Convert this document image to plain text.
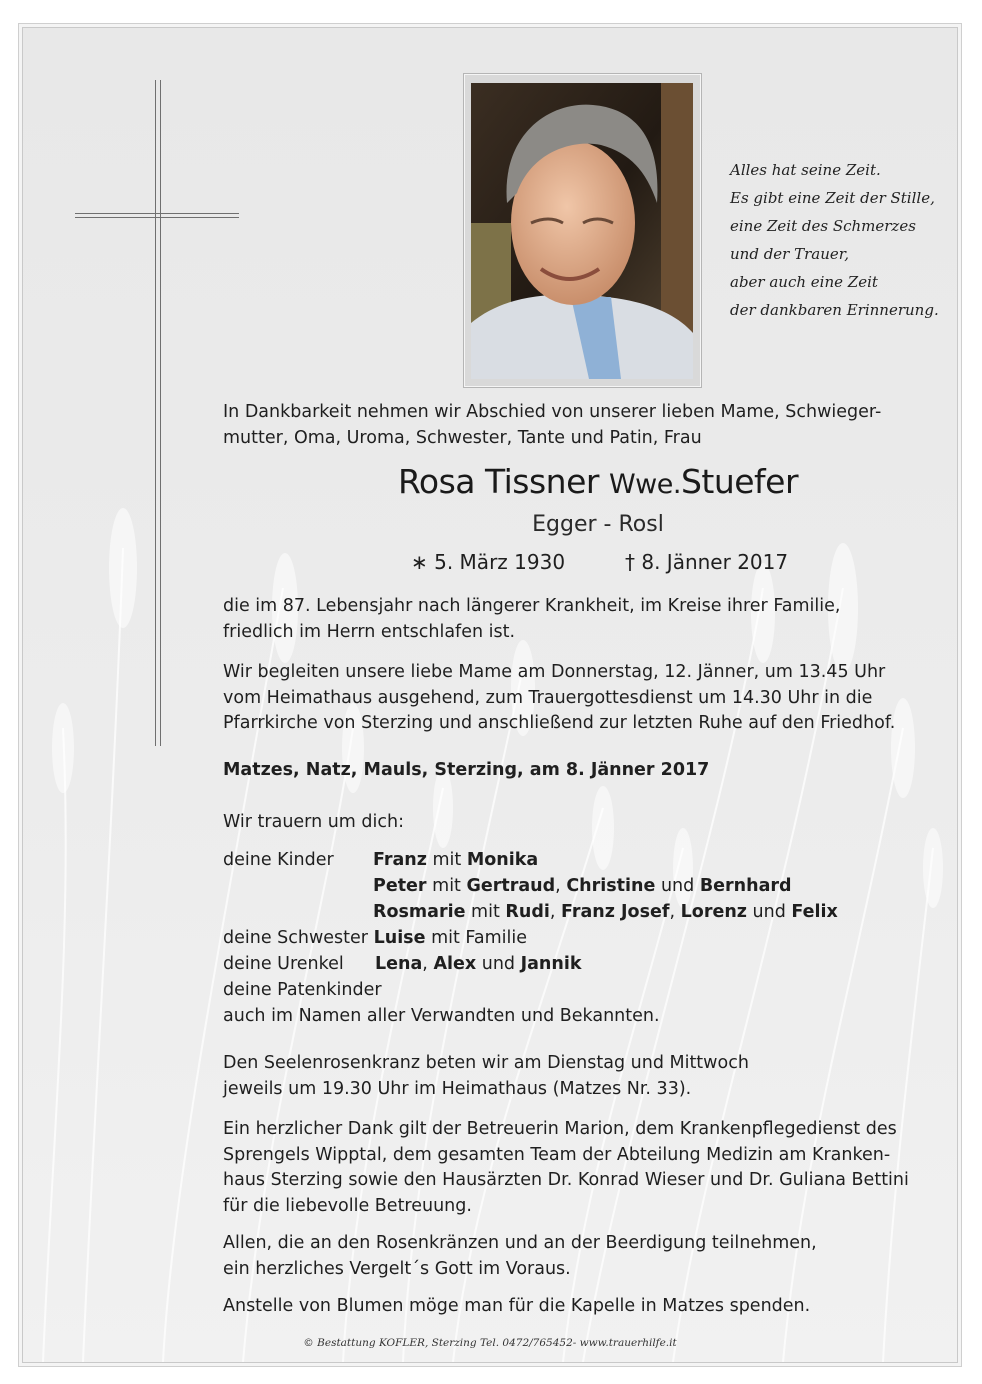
Alles hat seine Zeit.
Es gibt eine Zeit der Stille,
eine Zeit des Schmerzes
und der Trauer,
aber auch eine Zeit
der dankbaren Erinnerung.
In Dankbarkeit nehmen wir Abschied von unserer lieben Mame, Schwieger-
mutter, Oma, Uroma, Schwester, Tante und Patin, Frau
Rosa Tissner Wwe.Stuefer
Egger - Rosl
∗ 5. März 1930	† 8. Jänner 2017
die im 87. Lebensjahr nach längerer Krankheit, im Kreise ihrer Familie,
friedlich im Herrn entschlafen ist.
Wir begleiten unsere liebe Mame am Donnerstag, 12. Jänner, um 13.45 Uhr
vom Heimathaus ausgehend, zum Trauergottesdienst um 14.30 Uhr in die
Pfarrkirche von Sterzing und anschließend zur letzten Ruhe auf den Friedhof.
Matzes, Natz, Mauls, Sterzing, am 8. Jänner 2017
Wir trauern um dich:
deine Kinder Franz mit Monika
Peter mit Gertraud, Christine und Bernhard
Rosmarie mit Rudi, Franz Josef, Lorenz und Felix
deine Schwester Luise mit Familie
deine Urenkel Lena, Alex und Jannik
deine Patenkinder
auch im Namen aller Verwandten und Bekannten.
Den Seelenrosenkranz beten wir am Dienstag und Mittwoch
jeweils um 19.30 Uhr im Heimathaus (Matzes Nr. 33).
Ein herzlicher Dank gilt der Betreuerin Marion, dem Krankenpflegedienst des
Sprengels Wipptal, dem gesamten Team der Abteilung Medizin am Kranken-
haus Sterzing sowie den Hausärzten Dr. Konrad Wieser und Dr. Guliana Bettini
für die liebevolle Betreuung.
Allen, die an den Rosenkränzen und an der Beerdigung teilnehmen,
ein herzliches Vergelt´s Gott im Voraus.
Anstelle von Blumen möge man für die Kapelle in Matzes spenden.
© Bestattung KOFLER, Sterzing Tel. 0472/765452- www.trauerhilfe.it
